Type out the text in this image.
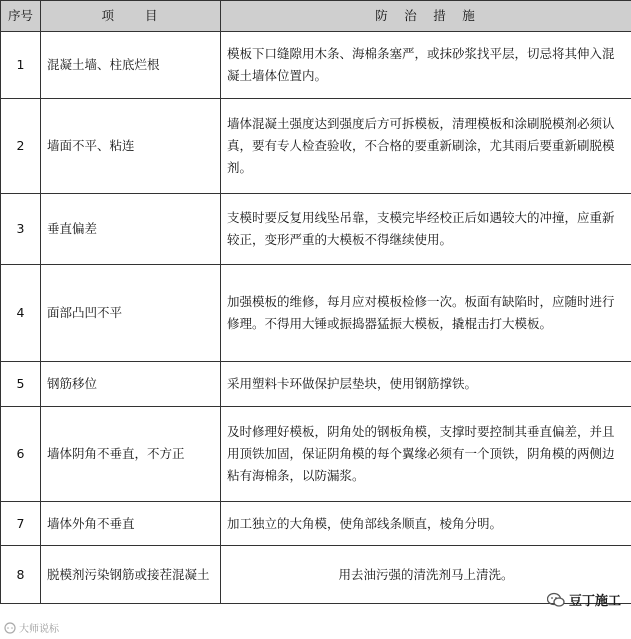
序号	项　　目	防　治　措　施
1	混凝土墙、柱底烂根	模板下口缝隙用木条、海棉条塞严，或抹砂浆找平层，切忌将其伸入混凝土墙体位置内。
2	墙面不平、粘连	墙体混凝土强度达到强度后方可拆模板，清理模板和涂刷脱模剂必须认真，要有专人检查验收，不合格的要重新刷涂，尤其雨后要重新刷脱模剂。
3	垂直偏差	支模时要反复用线坠吊靠，支模完毕经校正后如遇较大的冲撞，应重新较正，变形严重的大模板不得继续使用。
4	面部凸凹不平	加强模板的维修，每月应对模板检修一次。板面有缺陷时，应随时进行修理。不得用大锤或振捣器猛振大模板，撬棍击打大模板。
5	钢筋移位	采用塑料卡环做保护层垫块，使用钢筋撑铁。
6	墙体阴角不垂直，不方正	及时修理好模板，阴角处的钢板角模，支撑时要控制其垂直偏差，并且用顶铁加固，保证阴角模的每个翼缘必须有一个顶铁，阴角模的两侧边粘有海棉条，以防漏浆。
7	墙体外角不垂直	加工独立的大角模，使角部线条顺直，棱角分明。
8	脱模剂污染钢筋或接茬混凝土	用去油污强的清洗剂马上清洗。
大师说标
豆丁施工
